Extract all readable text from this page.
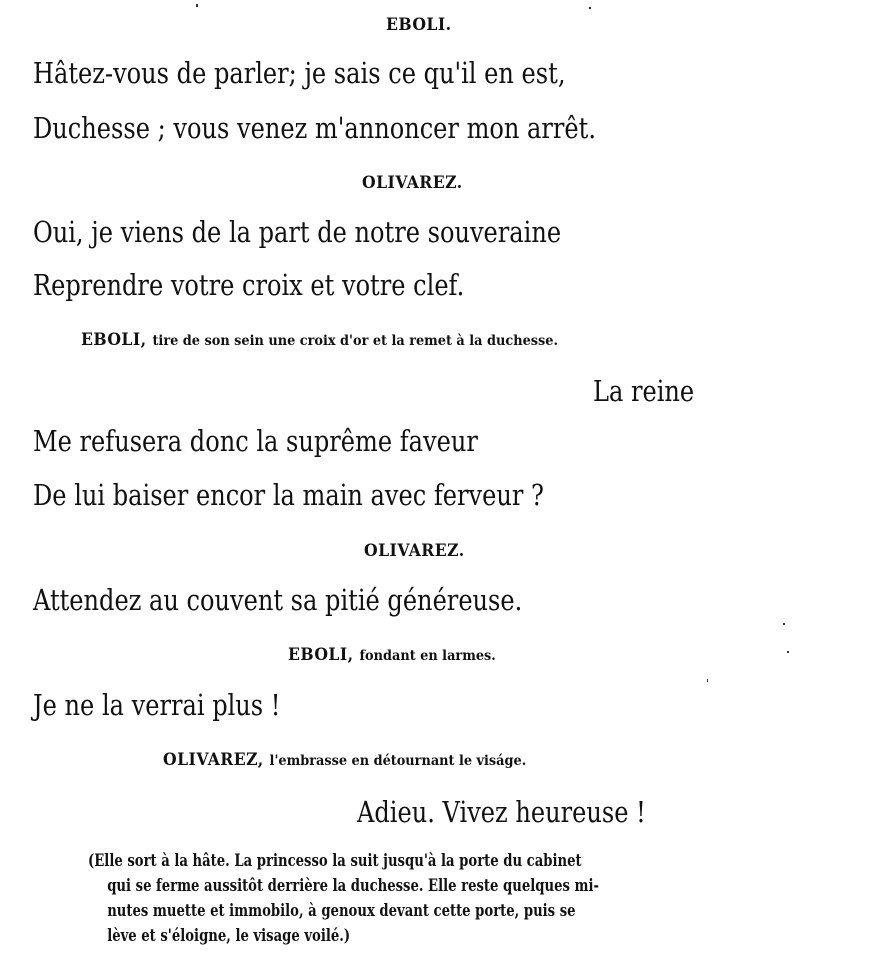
EBOLI.
Hâtez-vous de parler; je sais ce qu'il en est,
Duchesse ; vous venez m'annoncer mon arrêt.
OLIVAREZ.
Oui, je viens de la part de notre souveraine
Reprendre votre croix et votre clef.
EBOLI, tire de son sein une croix d'or et la remet à la duchesse.
La reine
Me refusera donc la suprême faveur
De lui baiser encor la main avec ferveur ?
OLIVAREZ.
Attendez au couvent sa pitié généreuse.
EBOLI, fondant en larmes.
Je ne la verrai plus !
OLIVAREZ, l'embrasse en détournant le viságe.
Adieu. Vivez heureuse !
(Elle sort à la hâte. La princesso la suit jusqu'à la porte du cabinet
qui se ferme aussitôt derrière la duchesse. Elle reste quelques mi-
nutes muette et immobilo, à genoux devant cette porte, puis se
lève et s'éloigne, le visage voilé.)
